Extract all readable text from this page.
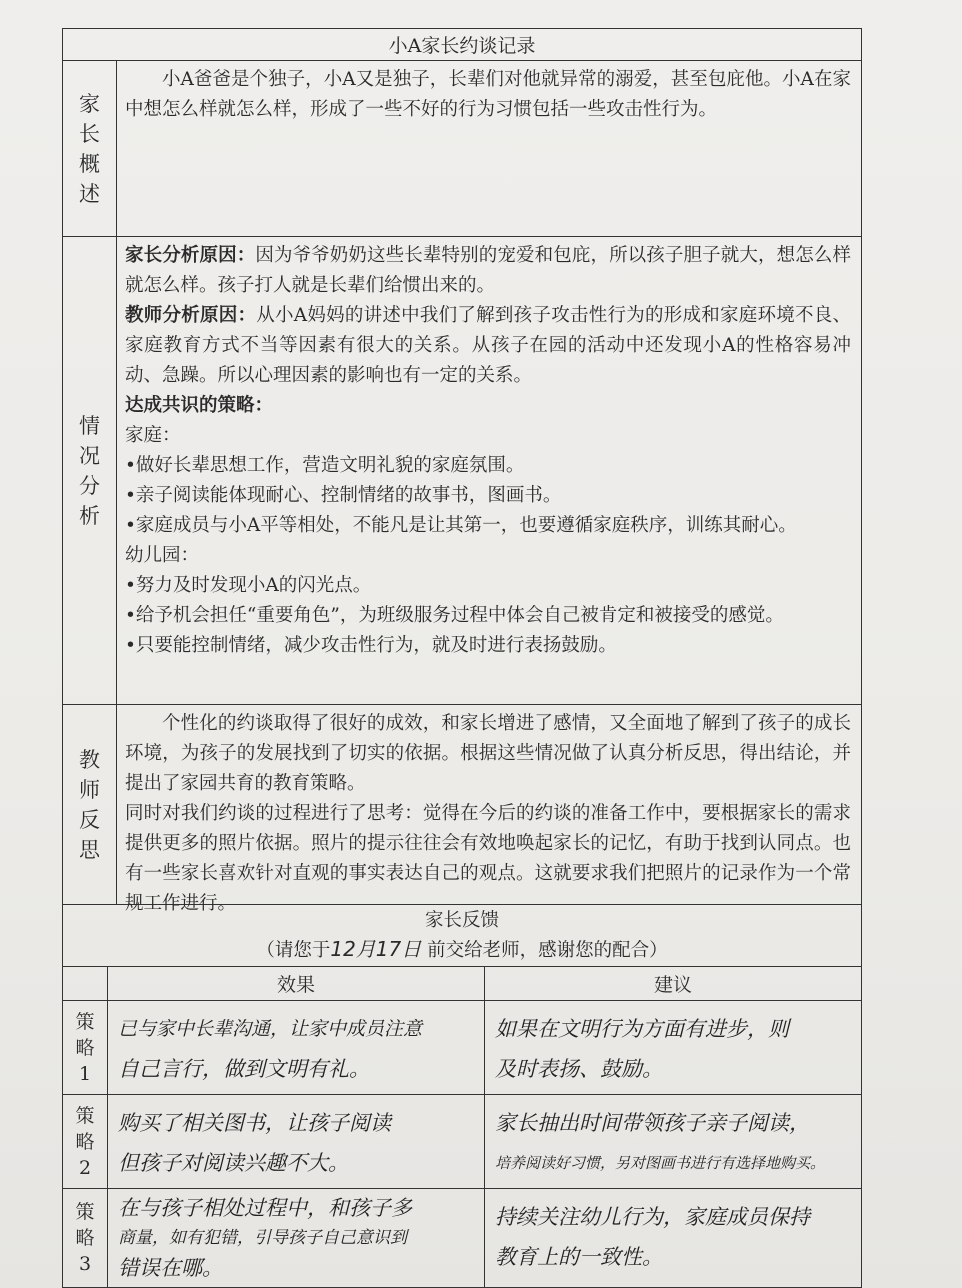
小A家长约谈记录
家
长
概
述

小A爸爸是个独子，小A又是独子，长辈们对他就异常的溺爱，甚至包庇他。小A在家中想怎么样就怎么样，形成了一些不好的行为习惯包括一些攻击性行为。

情
况
分
析

家长分析原因：因为爷爷奶奶这些长辈特别的宠爱和包庇，所以孩子胆子就大，想怎么样就怎么样。孩子打人就是长辈们给惯出来的。

教师分析原因：从小A妈妈的讲述中我们了解到孩子攻击性行为的形成和家庭环境不良、家庭教育方式不当等因素有很大的关系。从孩子在园的活动中还发现小A的性格容易冲动、急躁。所以心理因素的影响也有一定的关系。

达成共识的策略：

家庭：

•做好长辈思想工作，营造文明礼貌的家庭氛围。

•亲子阅读能体现耐心、控制情绪的故事书，图画书。

•家庭成员与小A平等相处，不能凡是让其第一，也要遵循家庭秩序，训练其耐心。

幼儿园：

•努力及时发现小A的闪光点。

•给予机会担任“重要角色”，为班级服务过程中体会自己被肯定和被接受的感觉。

•只要能控制情绪，减少攻击性行为，就及时进行表扬鼓励。

教
师
反
思

个性化的约谈取得了很好的成效，和家长增进了感情，又全面地了解到了孩子的成长环境，为孩子的发展找到了切实的依据。根据这些情况做了认真分析反思，得出结论，并提出了家园共育的教育策略。

同时对我们约谈的过程进行了思考：觉得在今后的约谈的准备工作中，要根据家长的需求提供更多的照片依据。照片的提示往往会有效地唤起家长的记忆，有助于找到认同点。也有一些家长喜欢针对直观的事实表达自己的观点。这就要求我们把照片的记录作为一个常规工作进行。

家长反馈
（请您于12月17日 前交给老师，感谢您的配合）
效果	建议
策
略
1
已与家中长辈沟通，让家中成员注意
自己言行，做到文明有礼。
如果在文明行为方面有进步，则
及时表扬、鼓励。
策
略
2
购买了相关图书，让孩子阅读
但孩子对阅读兴趣不大。
家长抽出时间带领孩子亲子阅读，
培养阅读好习惯，另对图画书进行有选择地购买。
策
略
3
在与孩子相处过程中，和孩子多
商量，如有犯错，引导孩子自己意识到
错误在哪。
持续关注幼儿行为，家庭成员保持
教育上的一致性。
